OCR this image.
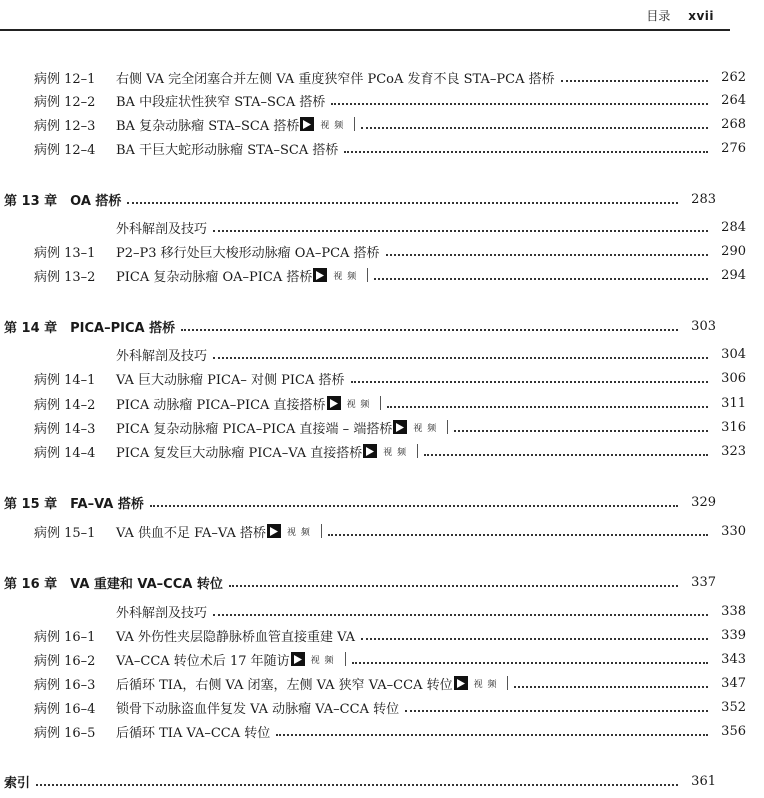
目录 xvii
病例 12–1	右侧 VA 完全闭塞合并左侧 VA 重度狭窄伴 PCoA 发育不良 STA–PCA 搭桥	262
病例 12–2	BA 中段症状性狭窄 STA–SCA 搭桥	264
病例 12–3	BA 复杂动脉瘤 STA–SCA 搭桥	视 频	268
病例 12–4	BA 干巨大蛇形动脉瘤 STA–SCA 搭桥	276
第 13 章　OA 搭桥	283
外科解剖及技巧	284
病例 13–1	P2–P3 移行处巨大梭形动脉瘤 OA–PCA 搭桥	290
病例 13–2	PICA 复杂动脉瘤 OA–PICA 搭桥	视 频	294
第 14 章　PICA–PICA 搭桥	303
外科解剖及技巧	304
病例 14–1	VA 巨大动脉瘤 PICA– 对侧 PICA 搭桥	306
病例 14–2	PICA 动脉瘤 PICA–PICA 直接搭桥	视 频	311
病例 14–3	PICA 复杂动脉瘤 PICA–PICA 直接端 – 端搭桥	视 频	316
病例 14–4	PICA 复发巨大动脉瘤 PICA–VA 直接搭桥	视 频	323
第 15 章　FA–VA 搭桥	329
病例 15–1	VA 供血不足 FA–VA 搭桥	视 频	330
第 16 章　VA 重建和 VA–CCA 转位	337
外科解剖及技巧	338
病例 16–1	VA 外伤性夹层隐静脉桥血管直接重建 VA	339
病例 16–2	VA–CCA 转位术后 17 年随访	视 频	343
病例 16–3	后循环 TIA，右侧 VA 闭塞，左侧 VA 狭窄 VA–CCA 转位	视 频	347
病例 16–4	锁骨下动脉盗血伴复发 VA 动脉瘤 VA–CCA 转位	352
病例 16–5	后循环 TIA VA–CCA 转位	356
索引	361
